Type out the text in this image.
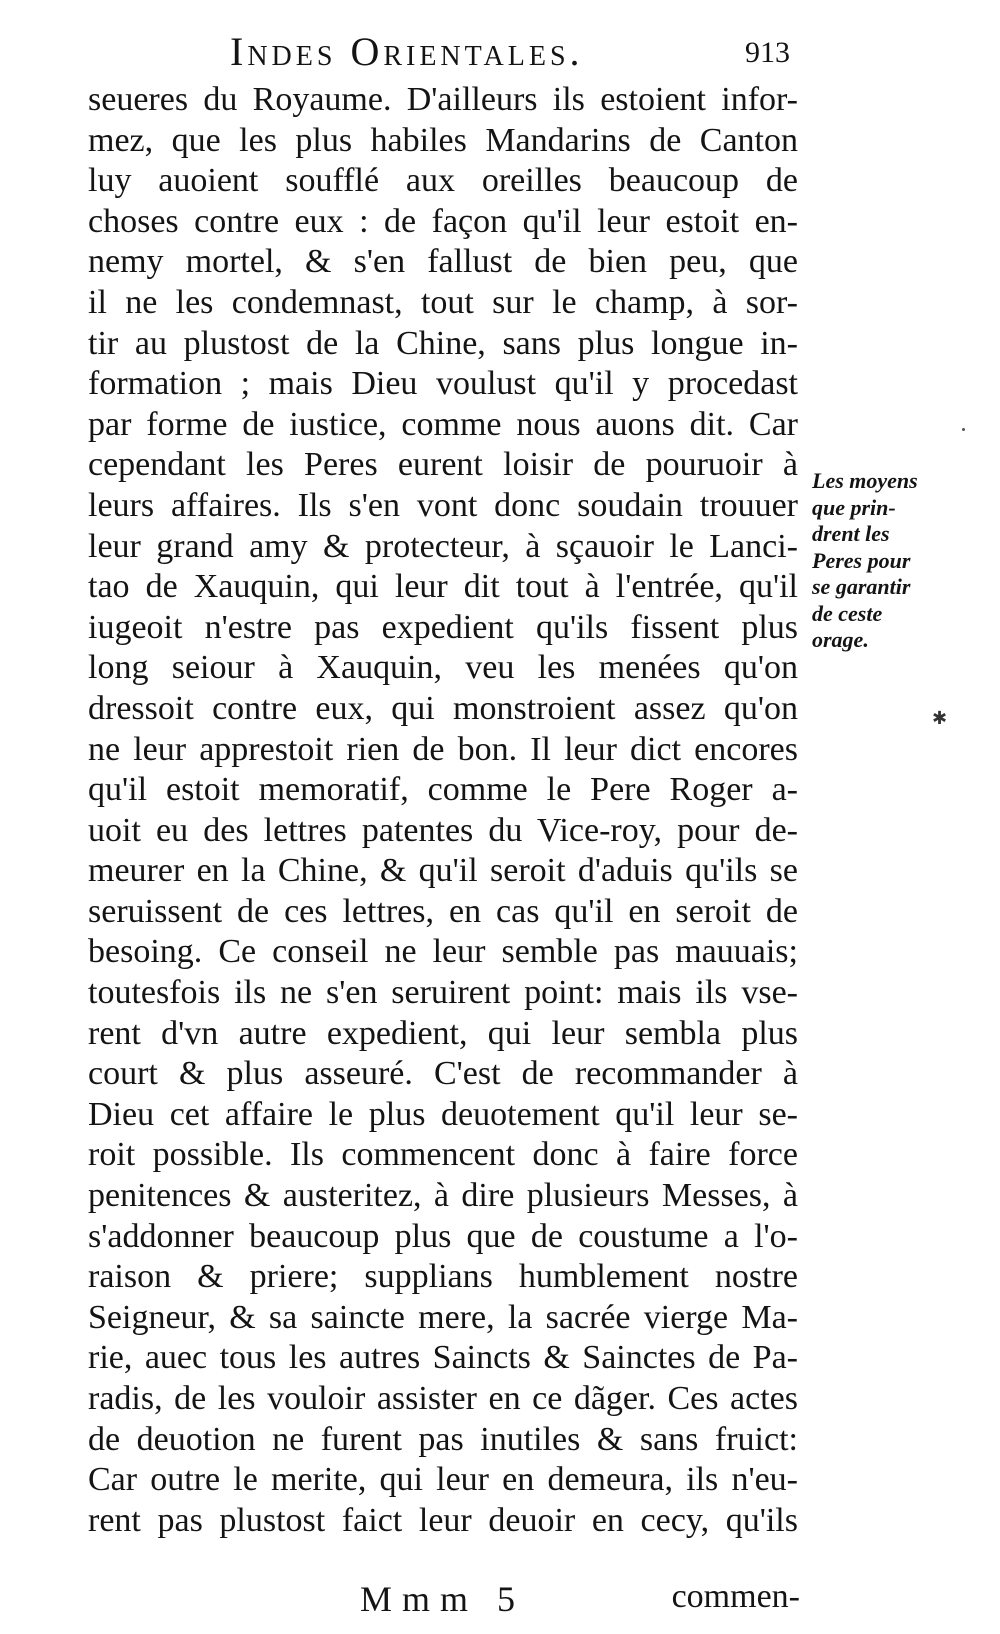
Indes Orientales.	913
seueres du Royaume. D'ailleurs ils estoient infor-
mez, que les plus habiles Mandarins de Canton
luy auoient soufflé aux oreilles beaucoup de
choses contre eux : de façon qu'il leur estoit en-
nemy mortel, & s'en fallust de bien peu, que
il ne les condemnast, tout sur le champ, à sor-
tir au plustost de la Chine, sans plus longue in-
formation ; mais Dieu voulust qu'il y procedast
par forme de iustice, comme nous auons dit. Car
cependant les Peres eurent loisir de pouruoir à
leurs affaires. Ils s'en vont donc soudain trouuer
leur grand amy & protecteur, à sçauoir le Lanci-
tao de Xauquin, qui leur dit tout à l'entrée, qu'il
iugeoit n'estre pas expedient qu'ils fissent plus
long seiour à Xauquin, veu les menées qu'on
dressoit contre eux, qui monstroient assez qu'on
ne leur apprestoit rien de bon. Il leur dict encores
qu'il estoit memoratif, comme le Pere Roger a-
uoit eu des lettres patentes du Vice-roy, pour de-
meurer en la Chine, & qu'il seroit d'aduis qu'ils se
seruissent de ces lettres, en cas qu'il en seroit de
besoing. Ce conseil ne leur semble pas mauuais;
toutesfois ils ne s'en seruirent point: mais ils vse-
rent d'vn autre expedient, qui leur sembla plus
court & plus asseuré. C'est de recommander à
Dieu cet affaire le plus deuotement qu'il leur se-
roit possible. Ils commencent donc à faire force
penitences & austeritez, à dire plusieurs Messes, à
s'addonner beaucoup plus que de coustume a l'o-
raison & priere; supplians humblement nostre
Seigneur, & sa saincte mere, la sacrée vierge Ma-
rie, auec tous les autres Saincts & Sainctes de Pa-
radis, de les vouloir assister en ce dãger. Ces actes
de deuotion ne furent pas inutiles & sans fruict:
Car outre le merite, qui leur en demeura, ils n'eu-
rent pas plustost faict leur deuoir en cecy, qu'ils
Les moyens
que prin-
drent les
Peres pour
se garantir
de ceste
orage.
✱
Mmm 5	commen-
